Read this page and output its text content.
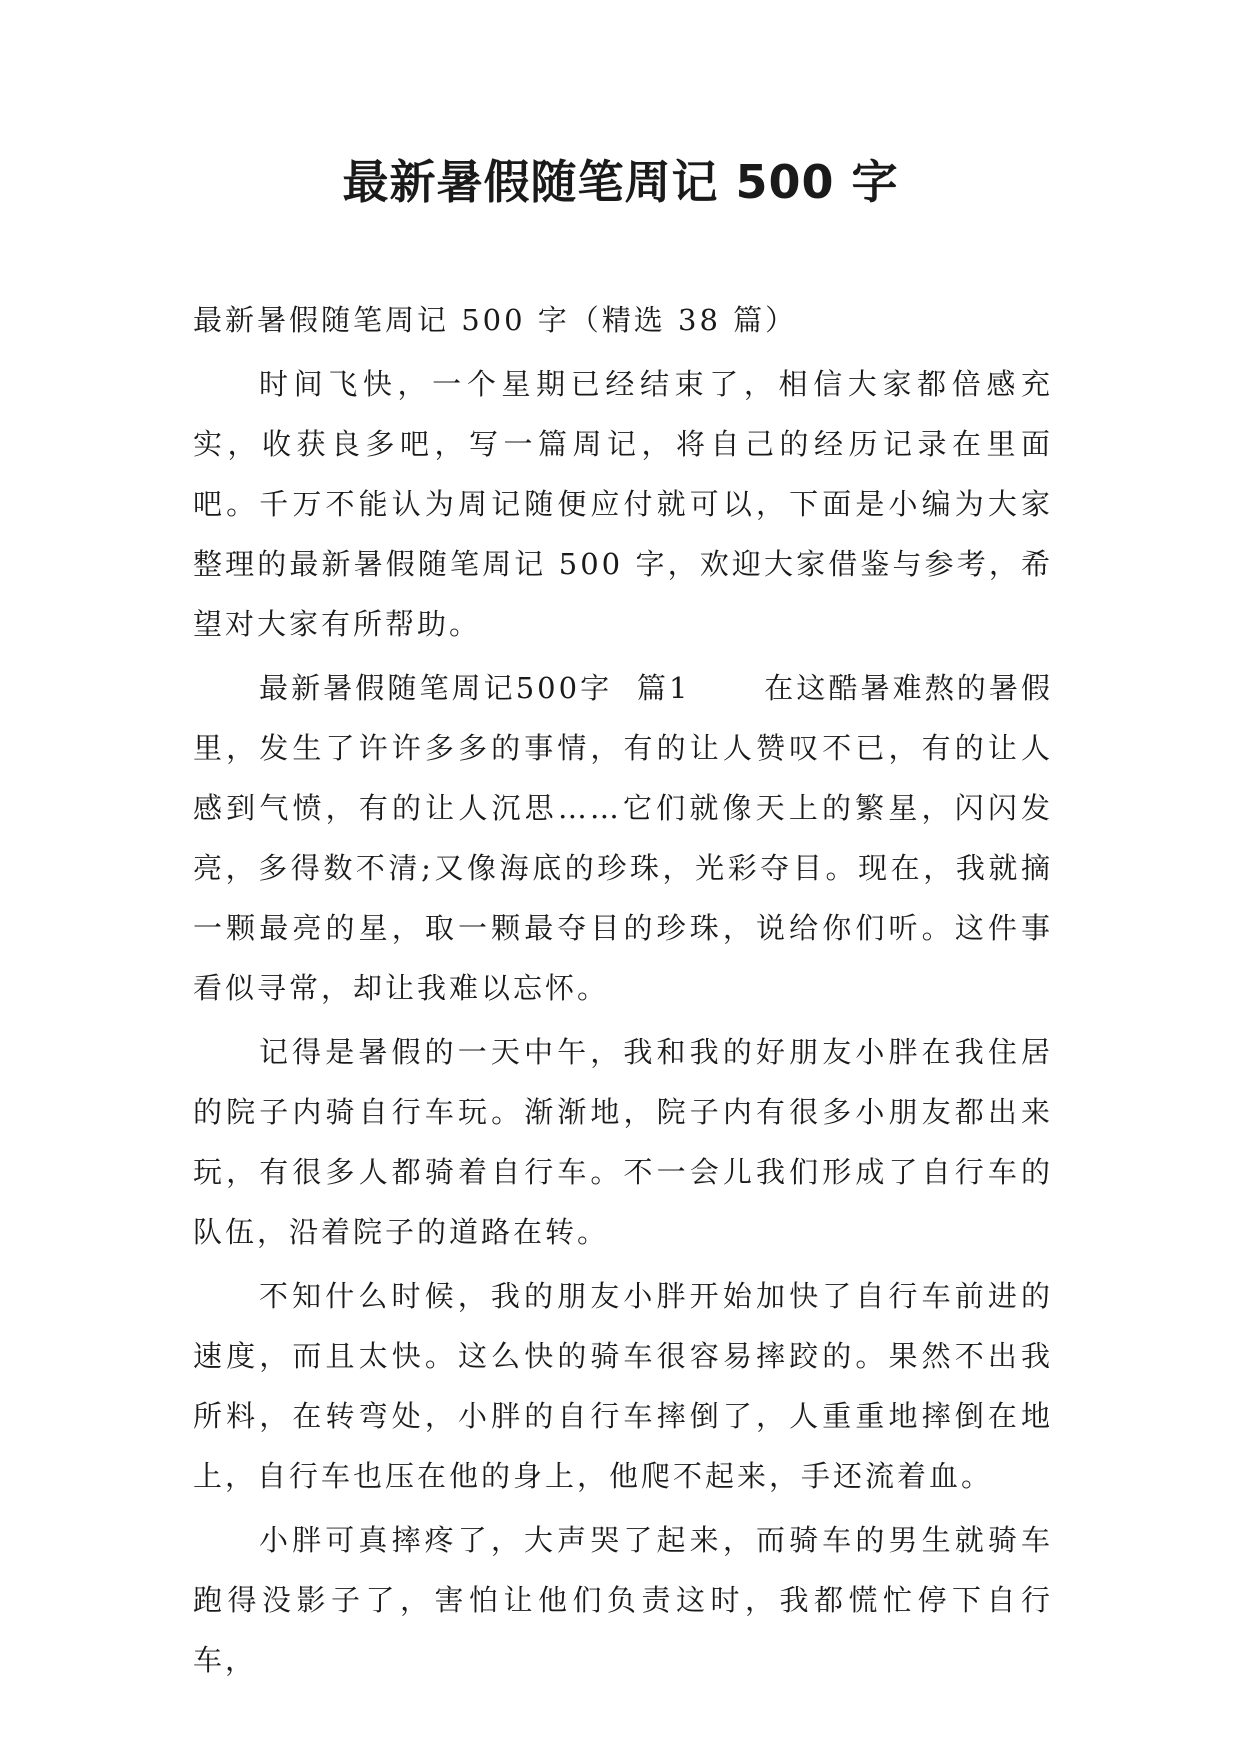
最新暑假随笔周记 500 字

最新暑假随笔周记 500 字（精选 38 篇）

时间飞快，一个星期已经结束了，相信大家都倍感充实，收获良多吧，写一篇周记，将自己的经历记录在里面吧。千万不能认为周记随便应付就可以，下面是小编为大家整理的最新暑假随笔周记 500 字，欢迎大家借鉴与参考，希望对大家有所帮助。

最新暑假随笔周记500字  篇1      在这酷暑难熬的暑假里，发生了许许多多的事情，有的让人赞叹不已，有的让人感到气愤，有的让人沉思……它们就像天上的繁星，闪闪发亮，多得数不清;又像海底的珍珠，光彩夺目。现在，我就摘一颗最亮的星，取一颗最夺目的珍珠，说给你们听。这件事看似寻常，却让我难以忘怀。

记得是暑假的一天中午，我和我的好朋友小胖在我住居的院子内骑自行车玩。渐渐地，院子内有很多小朋友都出来玩，有很多人都骑着自行车。不一会儿我们形成了自行车的队伍，沿着院子的道路在转。

不知什么时候，我的朋友小胖开始加快了自行车前进的速度，而且太快。这么快的骑车很容易摔跤的。果然不出我所料，在转弯处，小胖的自行车摔倒了，人重重地摔倒在地上，自行车也压在他的身上，他爬不起来，手还流着血。

小胖可真摔疼了，大声哭了起来，而骑车的男生就骑车跑得没影子了，害怕让他们负责这时，我都慌忙停下自行车，
